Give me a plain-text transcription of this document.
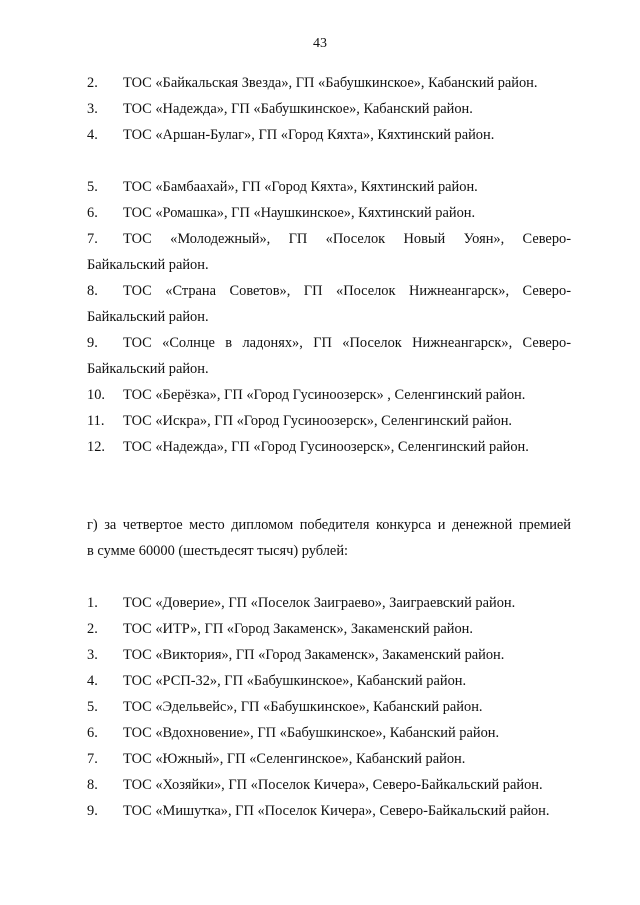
43
2.	ТОС «Байкальская Звезда», ГП «Бабушкинское», Кабанский район.
3.	ТОС «Надежда», ГП «Бабушкинское», Кабанский район.
4.	ТОС «Аршан-Булаг», ГП «Город Кяхта», Кяхтинский район.
5.	ТОС «Бамбаахай», ГП «Город Кяхта», Кяхтинский район.
6.	ТОС «Ромашка», ГП «Наушкинское», Кяхтинский район.
7.	ТОС «Молодежный», ГП «Поселок Новый Уоян», Северо-
Байкальский район.
8.	ТОС «Страна Советов», ГП «Поселок Нижнеангарск», Северо-
Байкальский район.
9.	ТОС «Солнце в ладонях», ГП «Поселок Нижнеангарск», Северо-
Байкальский район.
10.	ТОС «Берёзка», ГП «Город Гусиноозерск» , Селенгинский район.
11.	ТОС «Искра», ГП «Город Гусиноозерск», Селенгинский район.
12.	ТОС «Надежда», ГП «Город Гусиноозерск», Селенгинский район.
г) за четвертое место дипломом победителя конкурса и денежной премией
в сумме 60000 (шестьдесят тысяч) рублей:
1.	ТОС «Доверие», ГП «Поселок Заиграево», Заиграевский район.
2.	ТОС «ИТР», ГП «Город Закаменск», Закаменский район.
3.	ТОС «Виктория», ГП «Город Закаменск», Закаменский район.
4.	ТОС «РСП-32», ГП «Бабушкинское», Кабанский район.
5.	ТОС «Эдельвейс», ГП «Бабушкинское», Кабанский район.
6.	ТОС «Вдохновение», ГП «Бабушкинское», Кабанский район.
7.	ТОС «Южный», ГП «Селенгинское», Кабанский район.
8.	ТОС «Хозяйки», ГП «Поселок Кичера», Северо-Байкальский район.
9.	ТОС «Мишутка», ГП «Поселок Кичера», Северо-Байкальский район.
